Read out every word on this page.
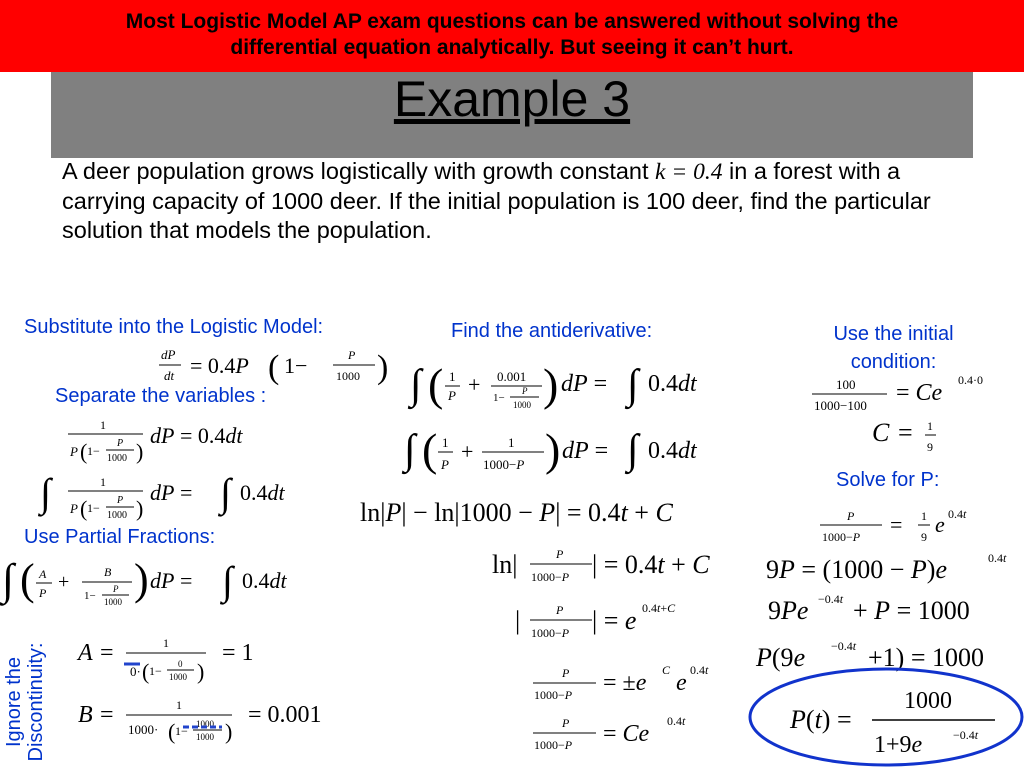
Most Logistic Model AP exam questions can be answered without solving the
differential equation analytically. But seeing it can’t hurt.
Example 3
A deer population grows logistically with growth constant k = 0.4 in a forest with a carrying capacity of 1000 deer. If the initial population is 100 deer, find the particular solution that models the population.
Substitute into the Logistic Model:
Separate the variables :
Use Partial Fractions:
Find the antiderivative:	Use the initial condition:
Solve for P:
Ignore the Discontinuity:
dP
dt = 0.4P ( 1−	P
1000 )
1
P ( 1−
P
1000 )
dP = 0.4dt
∫	1
P ( 1−
P
1000 )
dP = ∫ 0.4dt
∫ ( A
P +	B
1−
P
1000 ) dP = ∫ 0.4dt
A =	1
0· ( 1− 0
1000 )
= 1
B =	1
1000· ( 1− 1000
1000 )
= 0.001
∫ ( 1
P + 0.001
1−
P
1000 ) dP = ∫ 0.4dt
∫ ( 1
P
+	1
1000−P ) dP = ∫ 0.4dt
ln|P| − ln|1000 − P| = 0.4t + C
ln|	P
1000−P | = 0.4t + C
|	P
1000−P | = e 0.4t+C
P
1000−P = ±e C e 0.4t
P
1000−P = Ce 0.4t
100
1000−100 = Ce 0.4·0
C = 1
9
P
1000−P = 1
9 e 0.4t
9P = (1000 − P)e	0.4t
9Pe −0.4t + P = 1000
P(9e −0.4t +1) = 1000
P(t) =
1000
1+9e	−0.4t
